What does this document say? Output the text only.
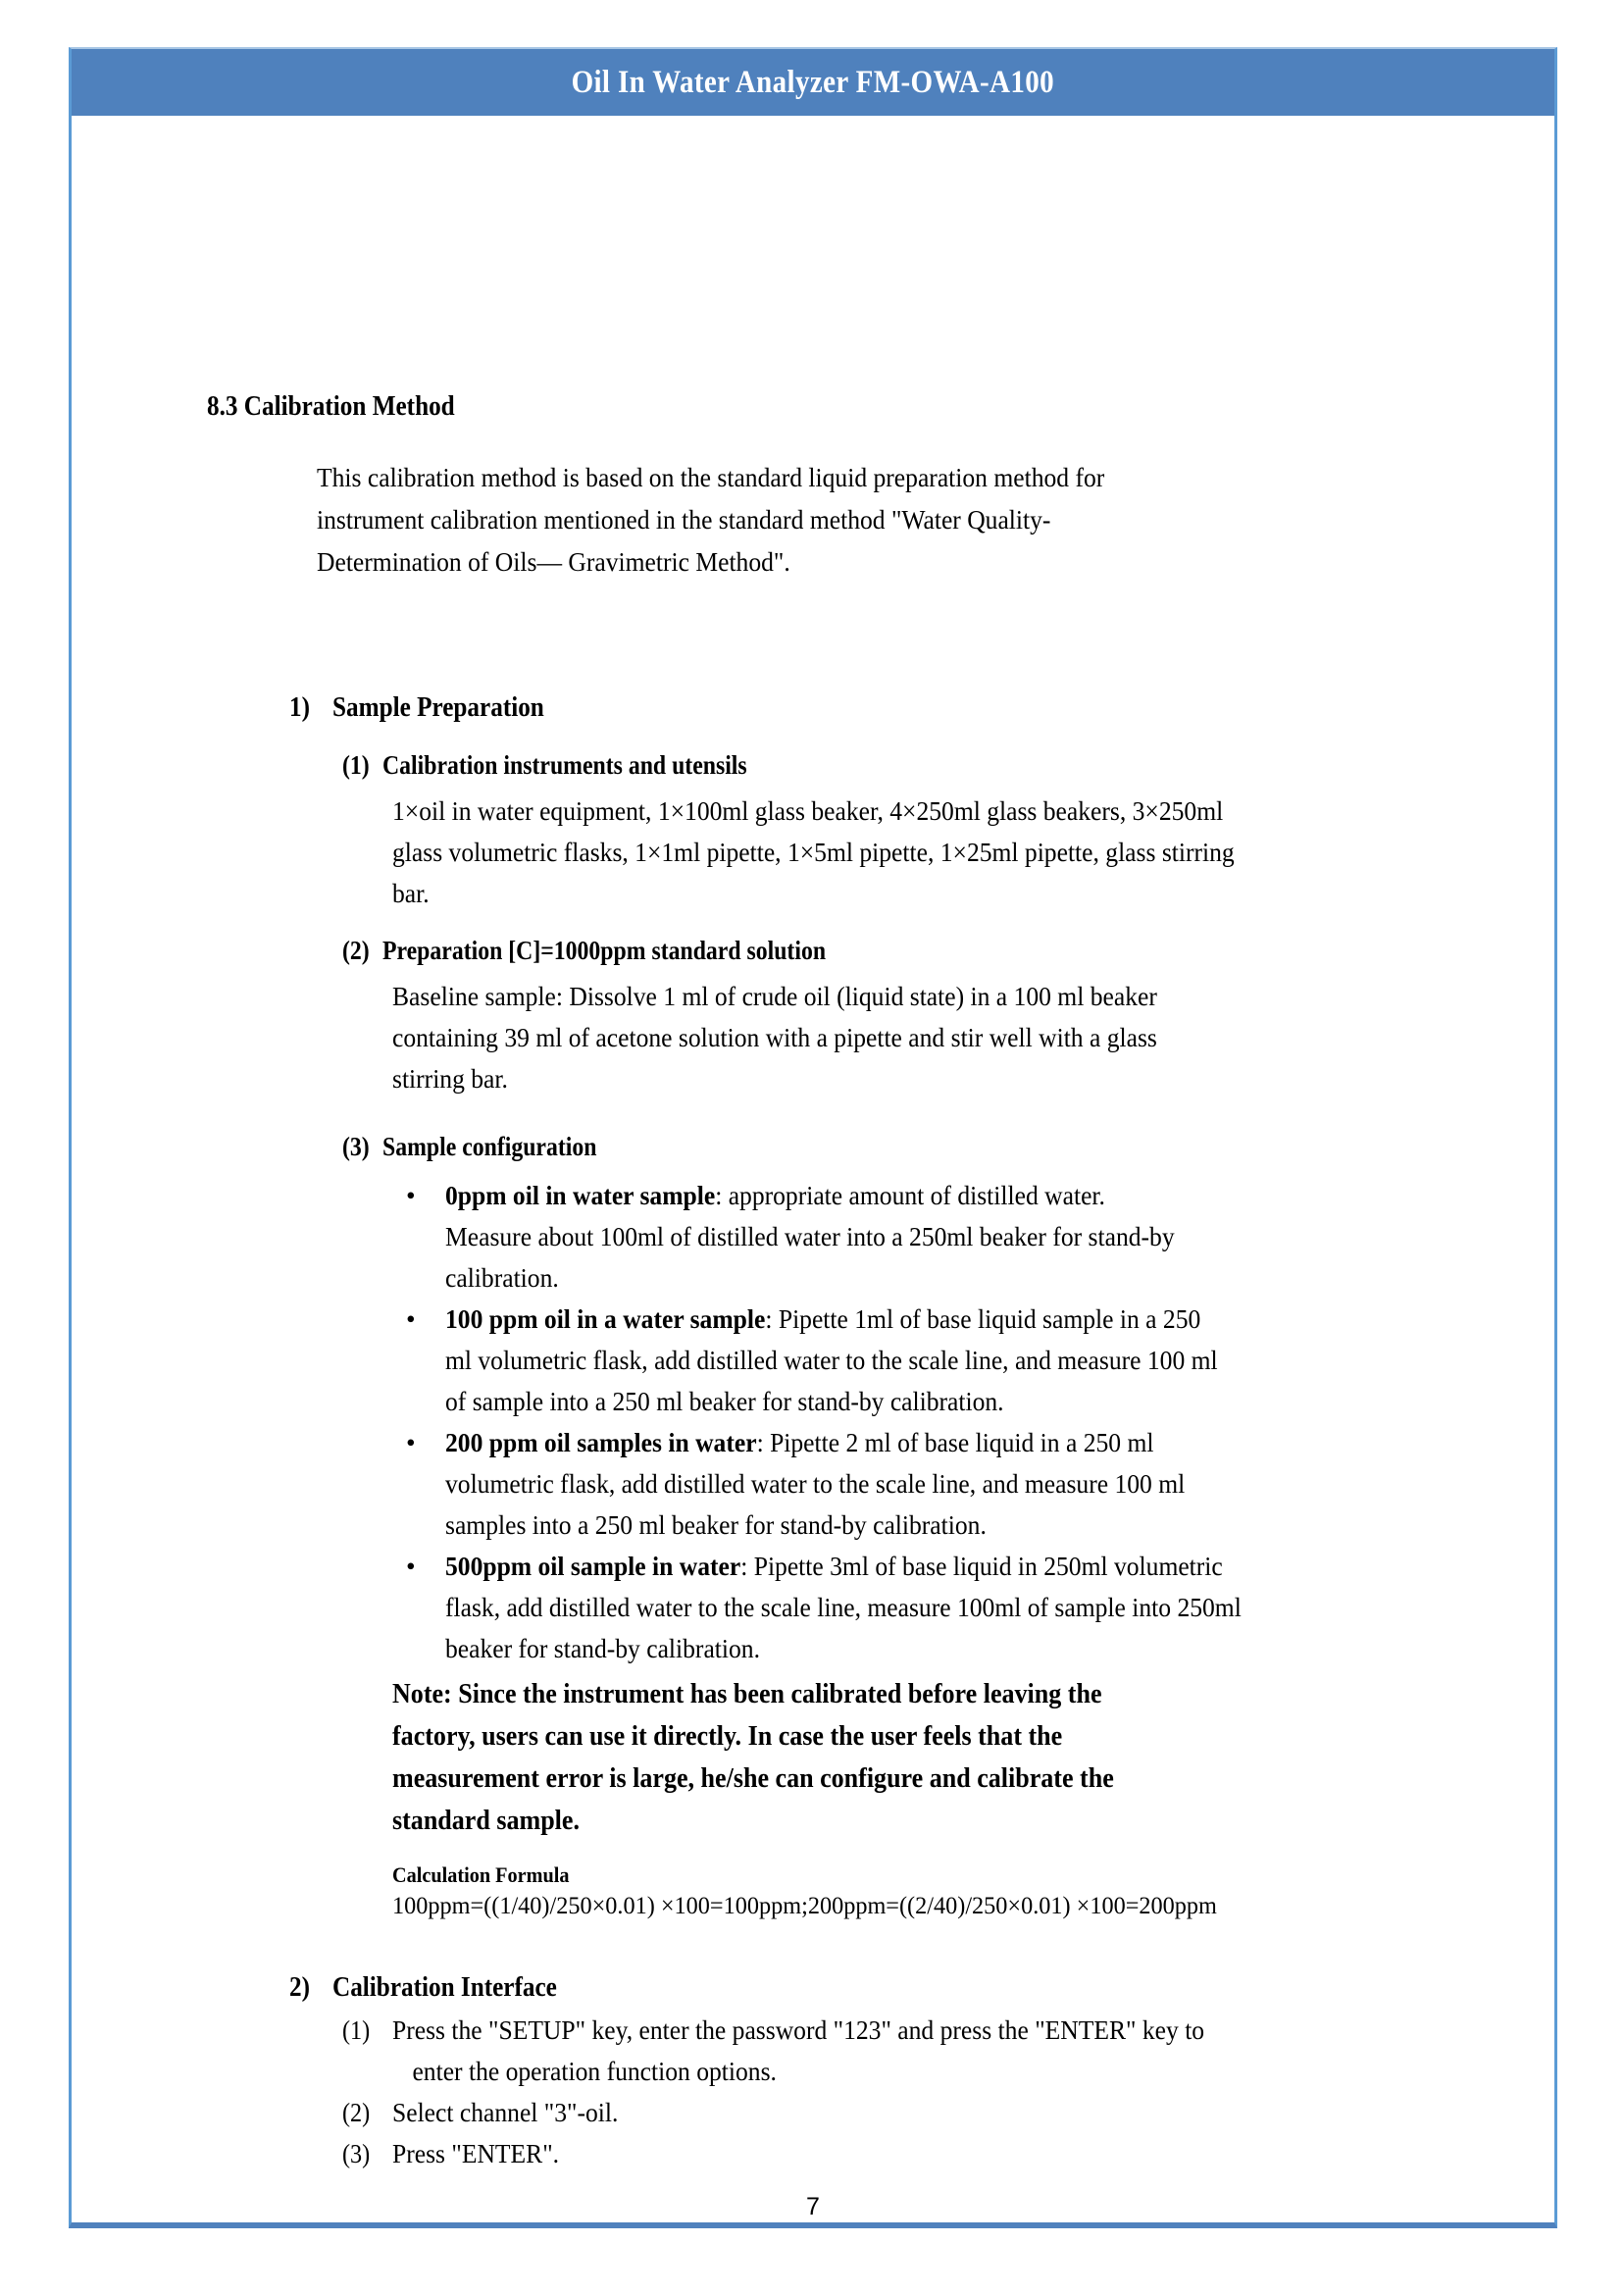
Oil In Water Analyzer FM-OWA-A100
8.3 Calibration Method
This calibration method is based on the standard liquid preparation method for
instrument calibration mentioned in the standard method "Water Quality-
Determination of Oils— Gravimetric Method".
1) Sample Preparation
(1) Calibration instruments and utensils
1×oil in water equipment, 1×100ml glass beaker, 4×250ml glass beakers, 3×250ml
glass volumetric flasks, 1×1ml pipette, 1×5ml pipette, 1×25ml pipette, glass stirring
bar.
(2) Preparation [C]=1000ppm standard solution
Baseline sample: Dissolve 1 ml of crude oil (liquid state) in a 100 ml beaker
containing 39 ml of acetone solution with a pipette and stir well with a glass
stirring bar.
(3) Sample configuration
• 0ppm oil in water sample: appropriate amount of distilled water.
Measure about 100ml of distilled water into a 250ml beaker for stand-by
calibration.
• 100 ppm oil in a water sample: Pipette 1ml of base liquid sample in a 250
ml volumetric flask, add distilled water to the scale line, and measure 100 ml
of sample into a 250 ml beaker for stand-by calibration.
• 200 ppm oil samples in water: Pipette 2 ml of base liquid in a 250 ml
volumetric flask, add distilled water to the scale line, and measure 100 ml
samples into a 250 ml beaker for stand-by calibration.
• 500ppm oil sample in water: Pipette 3ml of base liquid in 250ml volumetric
flask, add distilled water to the scale line, measure 100ml of sample into 250ml
beaker for stand-by calibration.
Note: Since the instrument has been calibrated before leaving the
factory, users can use it directly. In case the user feels that the
measurement error is large, he/she can configure and calibrate the
standard sample.
Calculation Formula
100ppm=((1/40)/250×0.01) ×100=100ppm;200ppm=((2/40)/250×0.01) ×100=200ppm
2) Calibration Interface
(1) Press the "SETUP" key, enter the password "123" and press the "ENTER" key to
enter the operation function options.
(2) Select channel "3"-oil.
(3) Press "ENTER".
7
